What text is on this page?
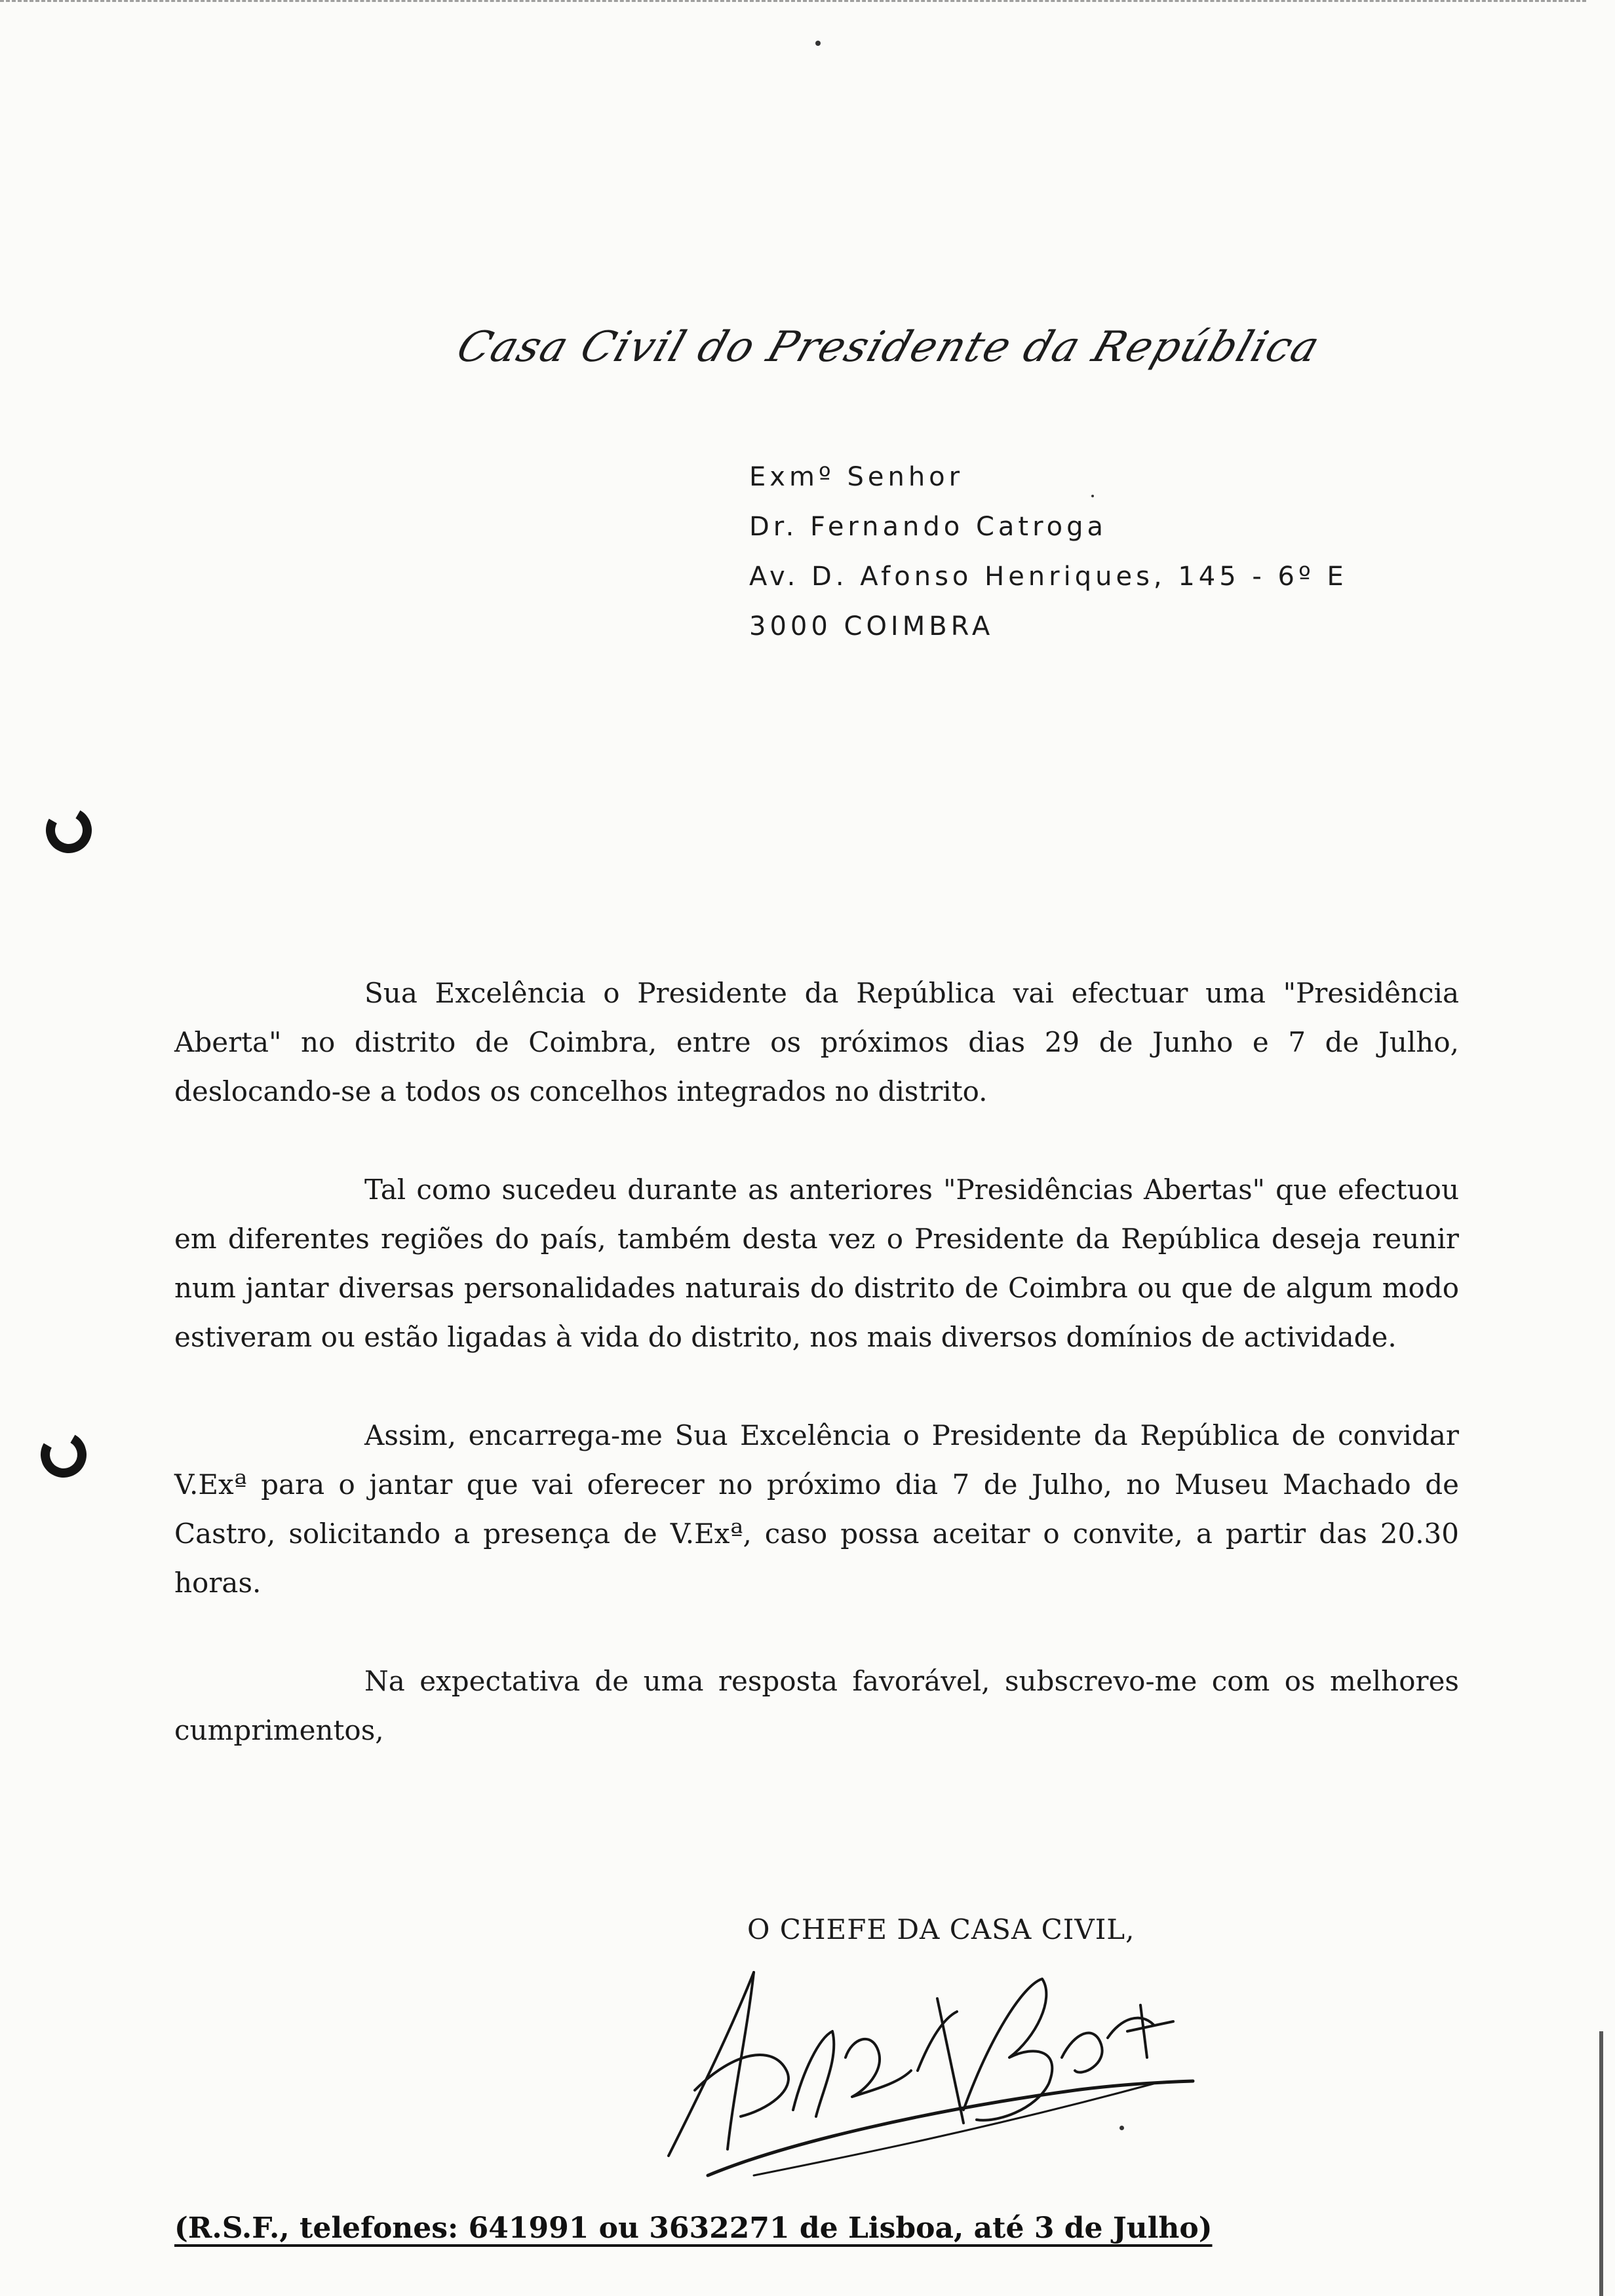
Casa Civil do Presidente da República
Exmº Senhor
Dr. Fernando Catroga
Av. D. Afonso Henriques, 145 - 6º E
3000 COIMBRA

Sua Excelência o Presidente da República vai efectuar uma "Presidência Aberta" no distrito de Coimbra, entre os próximos dias 29 de Junho e 7 de Julho, deslocando-se a todos os concelhos integrados no distrito.

Tal como sucedeu durante as anteriores "Presidências Abertas" que efectuou em diferentes regiões do país, também desta vez o Presidente da República deseja reunir num jantar diversas personalidades naturais do distrito de Coimbra ou que de algum modo estiveram ou estão ligadas à vida do distrito, nos mais diversos domínios de actividade.

Assim, encarrega-me Sua Excelência o Presidente da República de convidar V.Exª para o jantar que vai oferecer no próximo dia 7 de Julho, no Museu Machado de Castro, solicitando a presença de V.Exª, caso possa aceitar o convite, a partir das 20.30 horas.

Na expectativa de uma resposta favorável, subscrevo-me com os melhores cumprimentos,

O CHEFE DA CASA CIVIL,
(R.S.F., telefones: 641991 ou 3632271 de Lisboa, até 3 de Julho)
